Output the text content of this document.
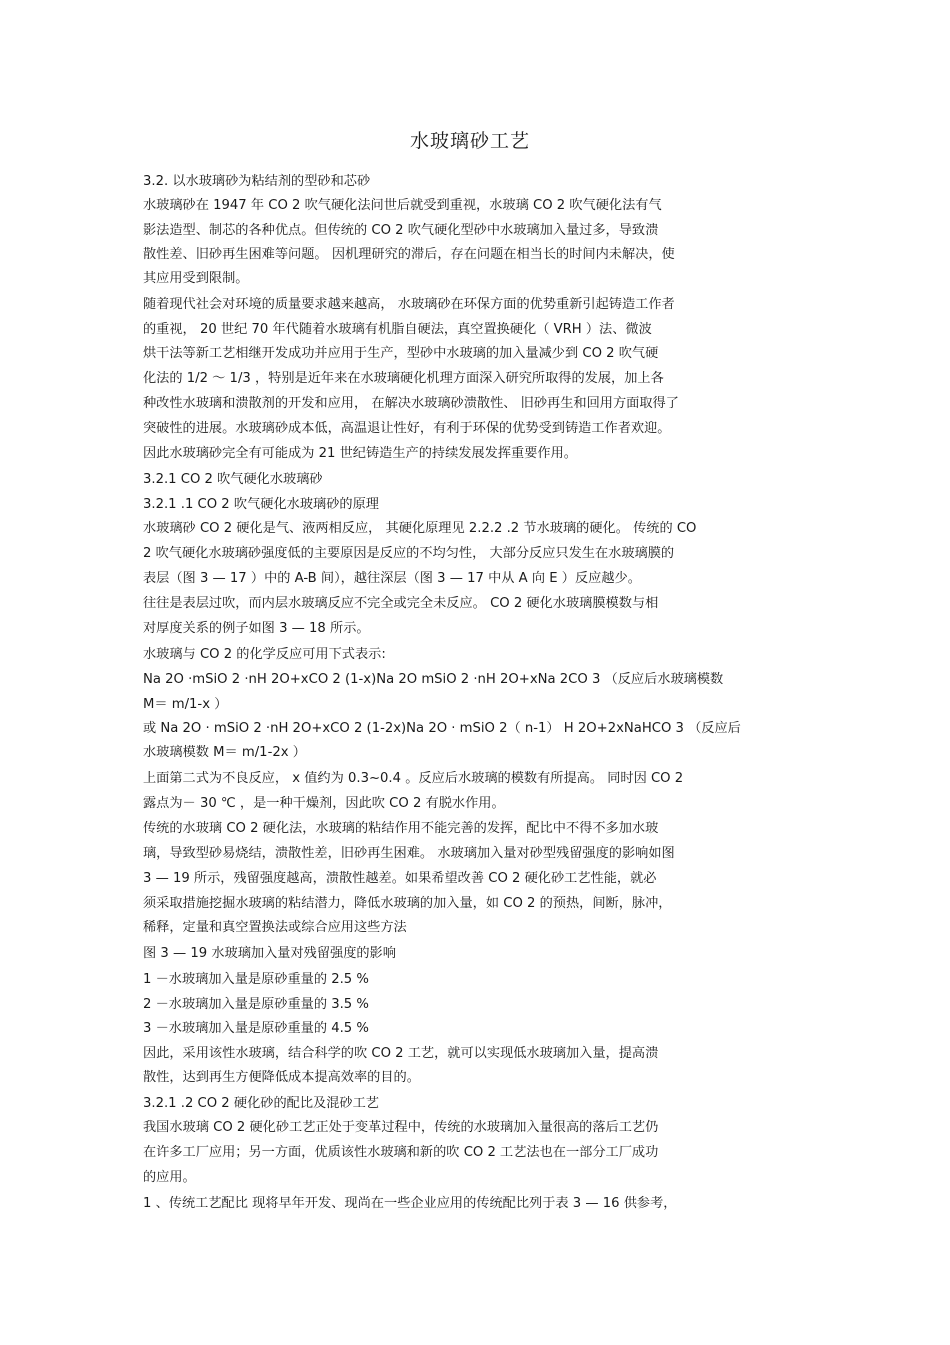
水玻璃砂工艺
3.2. 以水玻璃砂为粘结剂的型砂和芯砂
水玻璃砂在 1947 年 CO 2 吹气硬化法问世后就受到重视，水玻璃 CO 2 吹气硬化法有气
影法造型、制芯的各种优点。但传统的 CO 2 吹气硬化型砂中水玻璃加入量过多，导致溃
散性差、旧砂再生困难等问题。 因机理研究的滞后，存在问题在相当长的时间内未解决，使
其应用受到限制。
随着现代社会对环境的质量要求越来越高， 水玻璃砂在环保方面的优势重新引起铸造工作者
的重视， 20 世纪 70 年代随着水玻璃有机脂自硬法，真空置换硬化（ VRH ）法、微波
烘干法等新工艺相继开发成功并应用于生产，型砂中水玻璃的加入量减少到 CO 2 吹气硬
化法的 1/2 ～ 1/3 ，特别是近年来在水玻璃硬化机理方面深入研究所取得的发展，加上各
种改性水玻璃和溃散剂的开发和应用， 在解决水玻璃砂溃散性、 旧砂再生和回用方面取得了
突破性的进展。水玻璃砂成本低，高温退让性好，有利于环保的优势受到铸造工作者欢迎。
因此水玻璃砂完全有可能成为 21 世纪铸造生产的持续发展发挥重要作用。
3.2.1 CO 2 吹气硬化水玻璃砂
3.2.1 .1 CO 2 吹气硬化水玻璃砂的原理
水玻璃砂 CO 2 硬化是气、液两相反应， 其硬化原理见 2.2.2 .2 节水玻璃的硬化。 传统的 CO
2 吹气硬化水玻璃砂强度低的主要原因是反应的不均匀性， 大部分反应只发生在水玻璃膜的
表层（图 3 — 17 ）中的 A-B 间），越往深层（图 3 — 17 中从 A 向 E ）反应越少。
往往是表层过吹，而内层水玻璃反应不完全或完全未反应。 CO 2 硬化水玻璃膜模数与相
对厚度关系的例子如图 3 — 18 所示。
水玻璃与 CO 2 的化学反应可用下式表示:
Na 2O ·mSiO 2 ·nH 2O+xCO 2 (1-x)Na 2O mSiO 2 ·nH 2O+xNa 2CO 3 （反应后水玻璃模数
M＝ m/1-x ）
或 Na 2O · mSiO 2 ·nH 2O+xCO 2 (1-2x)Na 2O · mSiO 2（ n-1） H 2O+2xNaHCO 3 （反应后
水玻璃模数 M＝ m/1-2x ）
上面第二式为不良反应， x 值约为 0.3~0.4 。反应后水玻璃的模数有所提高。 同时因 CO 2
露点为－ 30 ℃ ，是一种干燥剂，因此吹 CO 2 有脱水作用。
传统的水玻璃 CO 2 硬化法，水玻璃的粘结作用不能完善的发挥，配比中不得不多加水玻
璃，导致型砂易烧结，溃散性差，旧砂再生困难。 水玻璃加入量对砂型残留强度的影响如图
3 — 19 所示，残留强度越高，溃散性越差。如果希望改善 CO 2 硬化砂工艺性能，就必
须采取措施挖掘水玻璃的粘结潜力，降低水玻璃的加入量，如 CO 2 的预热，间断，脉冲，
稀释，定量和真空置换法或综合应用这些方法
图 3 — 19 水玻璃加入量对残留强度的影响
1 －水玻璃加入量是原砂重量的 2.5 %
2 －水玻璃加入量是原砂重量的 3.5 %
3 －水玻璃加入量是原砂重量的 4.5 %
因此，采用该性水玻璃，结合科学的吹 CO 2 工艺，就可以实现低水玻璃加入量，提高溃
散性，达到再生方便降低成本提高效率的目的。
3.2.1 .2 CO 2 硬化砂的配比及混砂工艺
我国水玻璃 CO 2 硬化砂工艺正处于变革过程中，传统的水玻璃加入量很高的落后工艺仍
在许多工厂应用；另一方面，优质该性水玻璃和新的吹 CO 2 工艺法也在一部分工厂成功
的应用。
1 、传统工艺配比 现将早年开发、现尚在一些企业应用的传统配比列于表 3 — 16 供参考，
